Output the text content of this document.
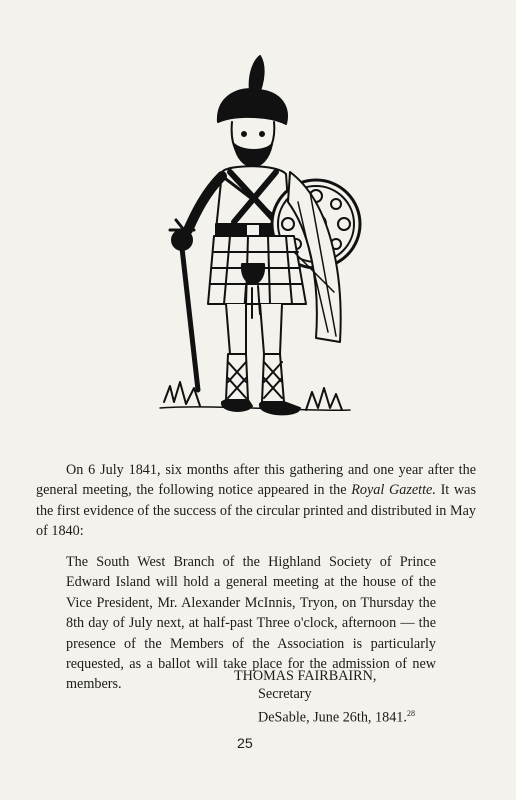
On 6 July 1841, six months after this gathering and one year after the general meeting, the following notice appeared in the Royal Gazette. It was the first evidence of the success of the circular printed and distributed in May of 1840:

The South West Branch of the Highland Society of Prince Edward Island will hold a general meeting at the house of the Vice President, Mr. Alexander McInnis, Tryon, on Thursday the 8th day of July next, at half-past Three o'clock, afternoon — the presence of the Members of the Association is particularly requested, as a ballot will take place for the admission of new members.

THOMAS FAIRBAIRN,
Secretary
DeSable, June 26th, 1841.28
25
